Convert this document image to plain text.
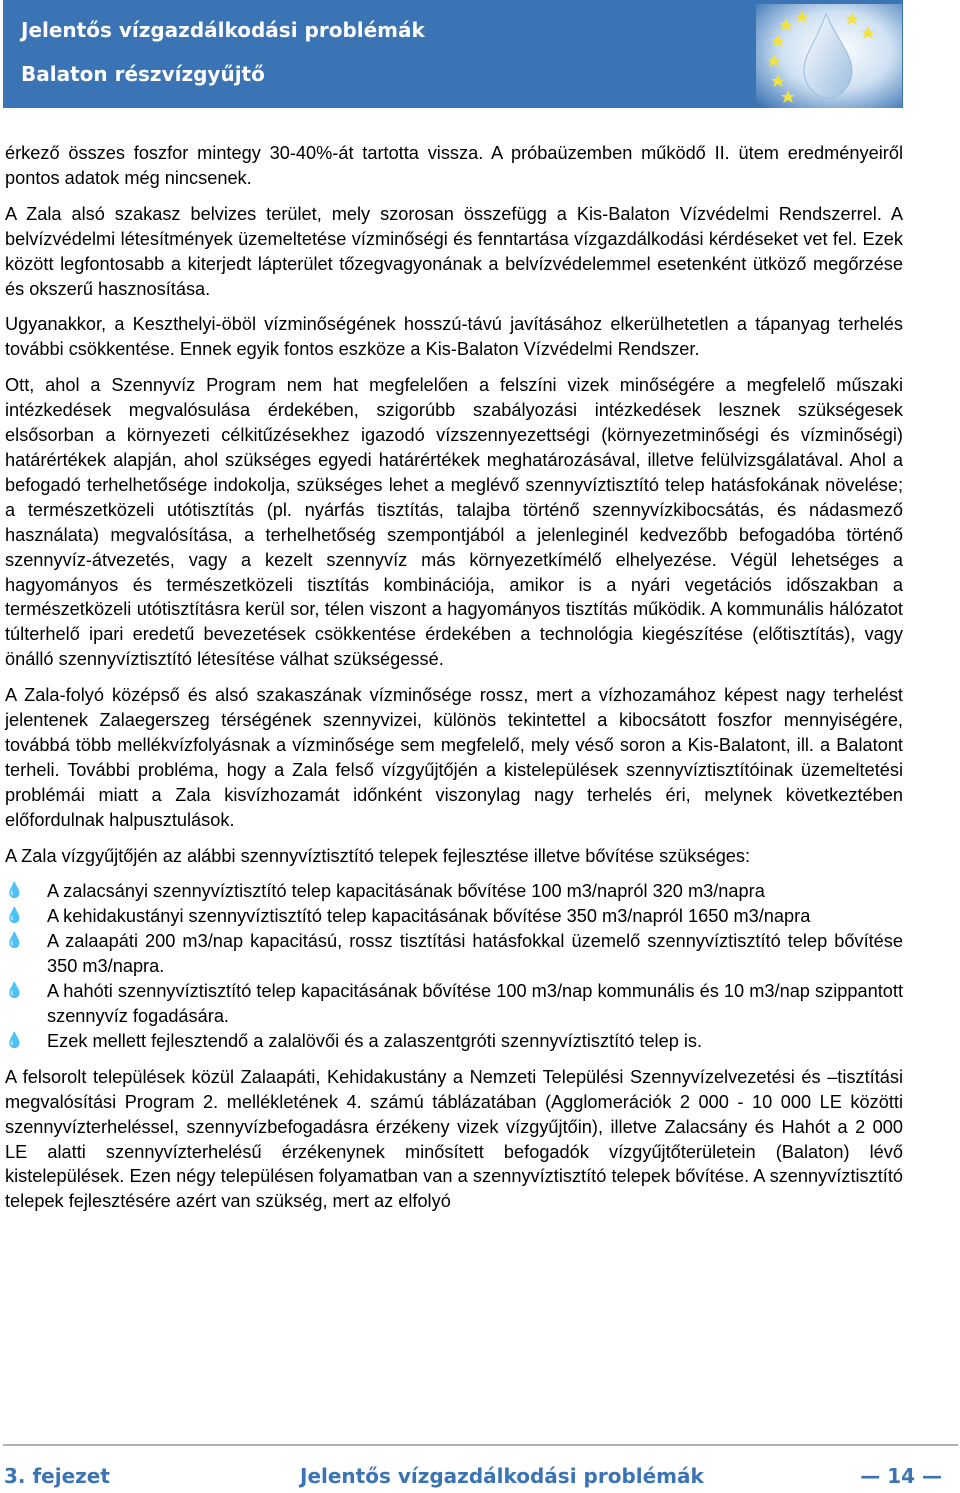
Jelentős vízgazdálkodási problémák
Balaton részvízgyűjtő

érkező összes foszfor mintegy 30-40%-át tartotta vissza. A próbaüzemben működő II. ütem eredményeiről pontos adatok még nincsenek.

A Zala alsó szakasz belvizes terület, mely szorosan összefügg a Kis-Balaton Vízvédelmi Rendszerrel. A belvízvédelmi létesítmények üzemeltetése vízminőségi és fenntartása vízgazdálkodási kérdéseket vet fel. Ezek között legfontosabb a kiterjedt lápterület tőzegvagyonának a belvízvédelemmel esetenként ütköző megőrzése és okszerű hasznosítása.

Ugyanakkor, a Keszthelyi-öböl vízminőségének hosszú-távú javításához elkerülhetetlen a tápanyag terhelés további csökkentése. Ennek egyik fontos eszköze a Kis-Balaton Vízvédelmi Rendszer.

Ott, ahol a Szennyvíz Program nem hat megfelelően a felszíni vizek minőségére a megfelelő műszaki intézkedések megvalósulása érdekében, szigorúbb szabályozási intézkedések lesznek szükségesek elsősorban a környezeti célkitűzésekhez igazodó vízszennyezettségi (környezetminőségi és vízminőségi) határértékek alapján, ahol szükséges egyedi határértékek meghatározásával, illetve felülvizsgálatával. Ahol a befogadó terhelhetősége indokolja, szükséges lehet a meglévő szennyvíztisztító telep hatásfokának növelése; a természetközeli utótisztítás (pl. nyárfás tisztítás, talajba történő szennyvízkibocsátás, és nádasmező használata) megvalósítása, a terhelhetőség szempontjából a jelenleginél kedvezőbb befogadóba történő szennyvíz-átvezetés, vagy a kezelt szennyvíz más környezetkímélő elhelyezése. Végül lehetséges a hagyományos és természetközeli tisztítás kombinációja, amikor is a nyári vegetációs időszakban a természetközeli utótisztításra kerül sor, télen viszont a hagyományos tisztítás működik. A kommunális hálózatot túlterhelő ipari eredetű bevezetések csökkentése érdekében a technológia kiegészítése (előtisztítás), vagy önálló szennyvíztisztító létesítése válhat szükségessé.

A Zala-folyó középső és alsó szakaszának vízminősége rossz, mert a vízhozamához képest nagy terhelést jelentenek Zalaegerszeg térségének szennyvizei, különös tekintettel a kibocsátott foszfor mennyiségére, továbbá több mellékvízfolyásnak a vízminősége sem megfelelő, mely véső soron a Kis-Balatont, ill. a Balatont terheli. További probléma, hogy a Zala felső vízgyűjtőjén a kistelepülések szennyvíztisztítóinak üzemeltetési problémái miatt a Zala kisvízhozamát időnként viszonylag nagy terhelés éri, melynek következtében előfordulnak halpusztulások.

A Zala vízgyűjtőjén az alábbi szennyvíztisztító telepek fejlesztése illetve bővítése szükséges:

💧 A zalacsányi szennyvíztisztító telep kapacitásának bővítése 100 m3/napról 320 m3/napra
💧 A kehidakustányi szennyvíztisztító telep kapacitásának bővítése 350 m3/napról 1650 m3/napra
💧 A zalaapáti 200 m3/nap kapacitású, rossz tisztítási hatásfokkal üzemelő szennyvíztisztító telep bővítése 350 m3/napra.
💧 A hahóti szennyvíztisztító telep kapacitásának bővítése 100 m3/nap kommunális és 10 m3/nap szippantott szennyvíz fogadására.
💧 Ezek mellett fejlesztendő a zalalövői és a zalaszentgróti szennyvíztisztító telep is.

A felsorolt települések közül Zalaapáti, Kehidakustány a Nemzeti Települési Szennyvízelvezetési és –tisztítási megvalósítási Program 2. mellékletének 4. számú táblázatában (Agglomerációk 2 000 - 10 000 LE közötti szennyvízterheléssel, szennyvízbefogadásra érzékeny vizek vízgyűjtőin), illetve Zalacsány és Hahót a 2 000 LE alatti szennyvízterhelésű érzékenynek minősített befogadók vízgyűjtőterületein (Balaton) lévő kistelepülések. Ezen négy településen folyamatban van a szennyvíztisztító telepek bővítése. A szennyvíztisztító telepek fejlesztésére azért van szükség, mert az elfolyó

3. fejezet	Jelentős vízgazdálkodási problémák	— 14 —
